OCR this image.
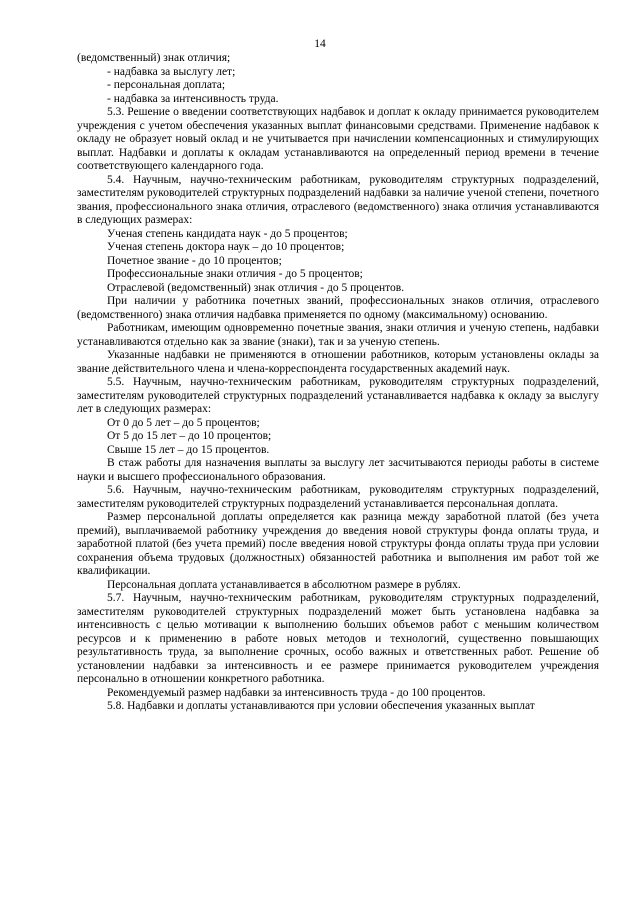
14

(ведомственный) знак отличия;

- надбавка за выслугу лет;

- персональная доплата;

- надбавка за интенсивность труда.

5.3. Решение о введении соответствующих надбавок и доплат к окладу принимается руководителем учреждения с учетом обеспечения указанных выплат финансовыми средствами. Применение надбавок к окладу не образует новый оклад и не учитывается при начислении компенсационных и стимулирующих выплат. Надбавки и доплаты к окладам устанавливаются на определенный период времени в течение соответствующего календарного года.

5.4. Научным, научно-техническим работникам, руководителям структурных подразделений, заместителям руководителей структурных подразделений надбавки за наличие ученой степени, почетного звания, профессионального знака отличия, отраслевого (ведомственного) знака отличия устанавливаются в следующих размерах:

Ученая степень кандидата наук - до 5 процентов;

Ученая степень доктора наук – до 10 процентов;

Почетное звание - до 10 процентов;

Профессиональные знаки отличия - до 5 процентов;

Отраслевой (ведомственный) знак отличия - до 5 процентов.

При наличии у работника почетных званий, профессиональных знаков отличия, отраслевого (ведомственного) знака отличия надбавка применяется по одному (максимальному) основанию.

Работникам, имеющим одновременно почетные звания, знаки отличия и ученую степень, надбавки устанавливаются отдельно как за звание (знаки), так и за ученую степень.

Указанные надбавки не применяются в отношении работников, которым установлены оклады за звание действительного члена и члена-корреспондента государственных академий наук.

5.5. Научным, научно-техническим работникам, руководителям структурных подразделений, заместителям руководителей структурных подразделений устанавливается надбавка к окладу за выслугу лет в следующих размерах:

От 0 до 5 лет – до 5 процентов;

От 5 до 15 лет – до 10 процентов;

Свыше 15 лет – до 15 процентов.

В стаж работы для назначения выплаты за выслугу лет засчитываются периоды работы в системе науки и высшего профессионального образования.

5.6. Научным, научно-техническим работникам, руководителям структурных подразделений, заместителям руководителей структурных подразделений устанавливается персональная доплата.

Размер персональной доплаты определяется как разница между заработной платой (без учета премий), выплачиваемой работнику учреждения до введения новой структуры фонда оплаты труда, и заработной платой (без учета премий) после введения новой структуры фонда оплаты труда при условии сохранения объема трудовых (должностных) обязанностей работника и выполнения им работ той же квалификации.

Персональная доплата устанавливается в абсолютном размере в рублях.

5.7. Научным, научно-техническим работникам, руководителям структурных подразделений, заместителям руководителей структурных подразделений может быть установлена надбавка за интенсивность с целью мотивации к выполнению больших объемов работ с меньшим количеством ресурсов и к применению в работе новых методов и технологий, существенно повышающих результативность труда, за выполнение срочных, особо важных и ответственных работ. Решение об установлении надбавки за интенсивность и ее размере принимается руководителем учреждения персонально в отношении конкретного работника.

Рекомендуемый размер надбавки за интенсивность труда - до 100 процентов.

5.8. Надбавки и доплаты устанавливаются при условии обеспечения указанных выплат
